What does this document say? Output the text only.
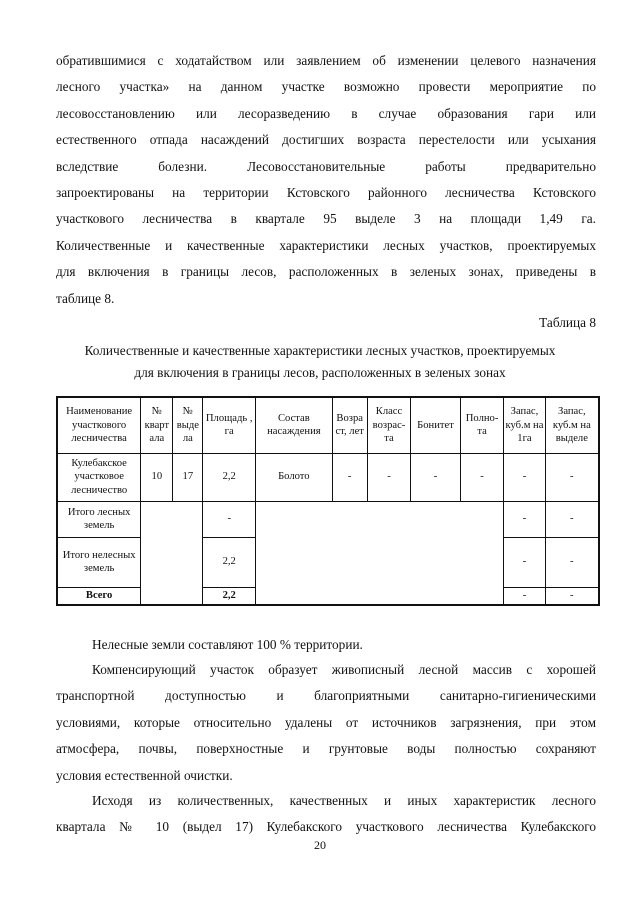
обратившимися с ходатайством или заявлением об изменении целевого назначения

лесного участка» на данном участке возможно провести мероприятие по

лесовосстановлению или лесоразведению в случае образования гари или

естественного отпада насаждений достигших возраста перестелости или усыхания

вследствие болезни. Лесовосстановительные работы предварительно

запроектированы на территории Кстовского районного лесничества Кстовского

участкового лесничества в квартале 95 выделе 3 на площади 1,49 га.

Количественные и качественные характеристики лесных участков, проектируемых

для включения в границы лесов, расположенных в зеленых зонах, приведены в

таблице 8.

Таблица 8
Количественные и качественные характеристики лесных участков, проектируемых
для включения в границы лесов, расположенных в зеленых зонах
Наименование участкового лесничества	№ кварт ала	№ выде ла	Площадь , га	Состав насаждения	Возра ст, лет	Класс возрас- та	Бонитет	Полно- та	Запас, куб.м на 1га	Запас, куб.м на выделе
Кулебакское участковое лесничество	10	17	2,2	Болото	-	-	-	-	-	-
Итого лесных земель			-						-	-
Итого нелесных земель			2,2						-	-
Всего			2,2						-	-

Нелесные земли составляют 100 % территории.

Компенсирующий участок образует живописный лесной массив с хорошей

транспортной доступностью и благоприятными санитарно-гигиеническими

условиями, которые относительно удалены от источников загрязнения, при этом

атмосфера, почвы, поверхностные и грунтовые воды полностью сохраняют

условия естественной очистки.

Исходя из количественных, качественных и иных характеристик лесного

квартала № 10 (выдел 17) Кулебакского участкового лесничества Кулебакского

20
